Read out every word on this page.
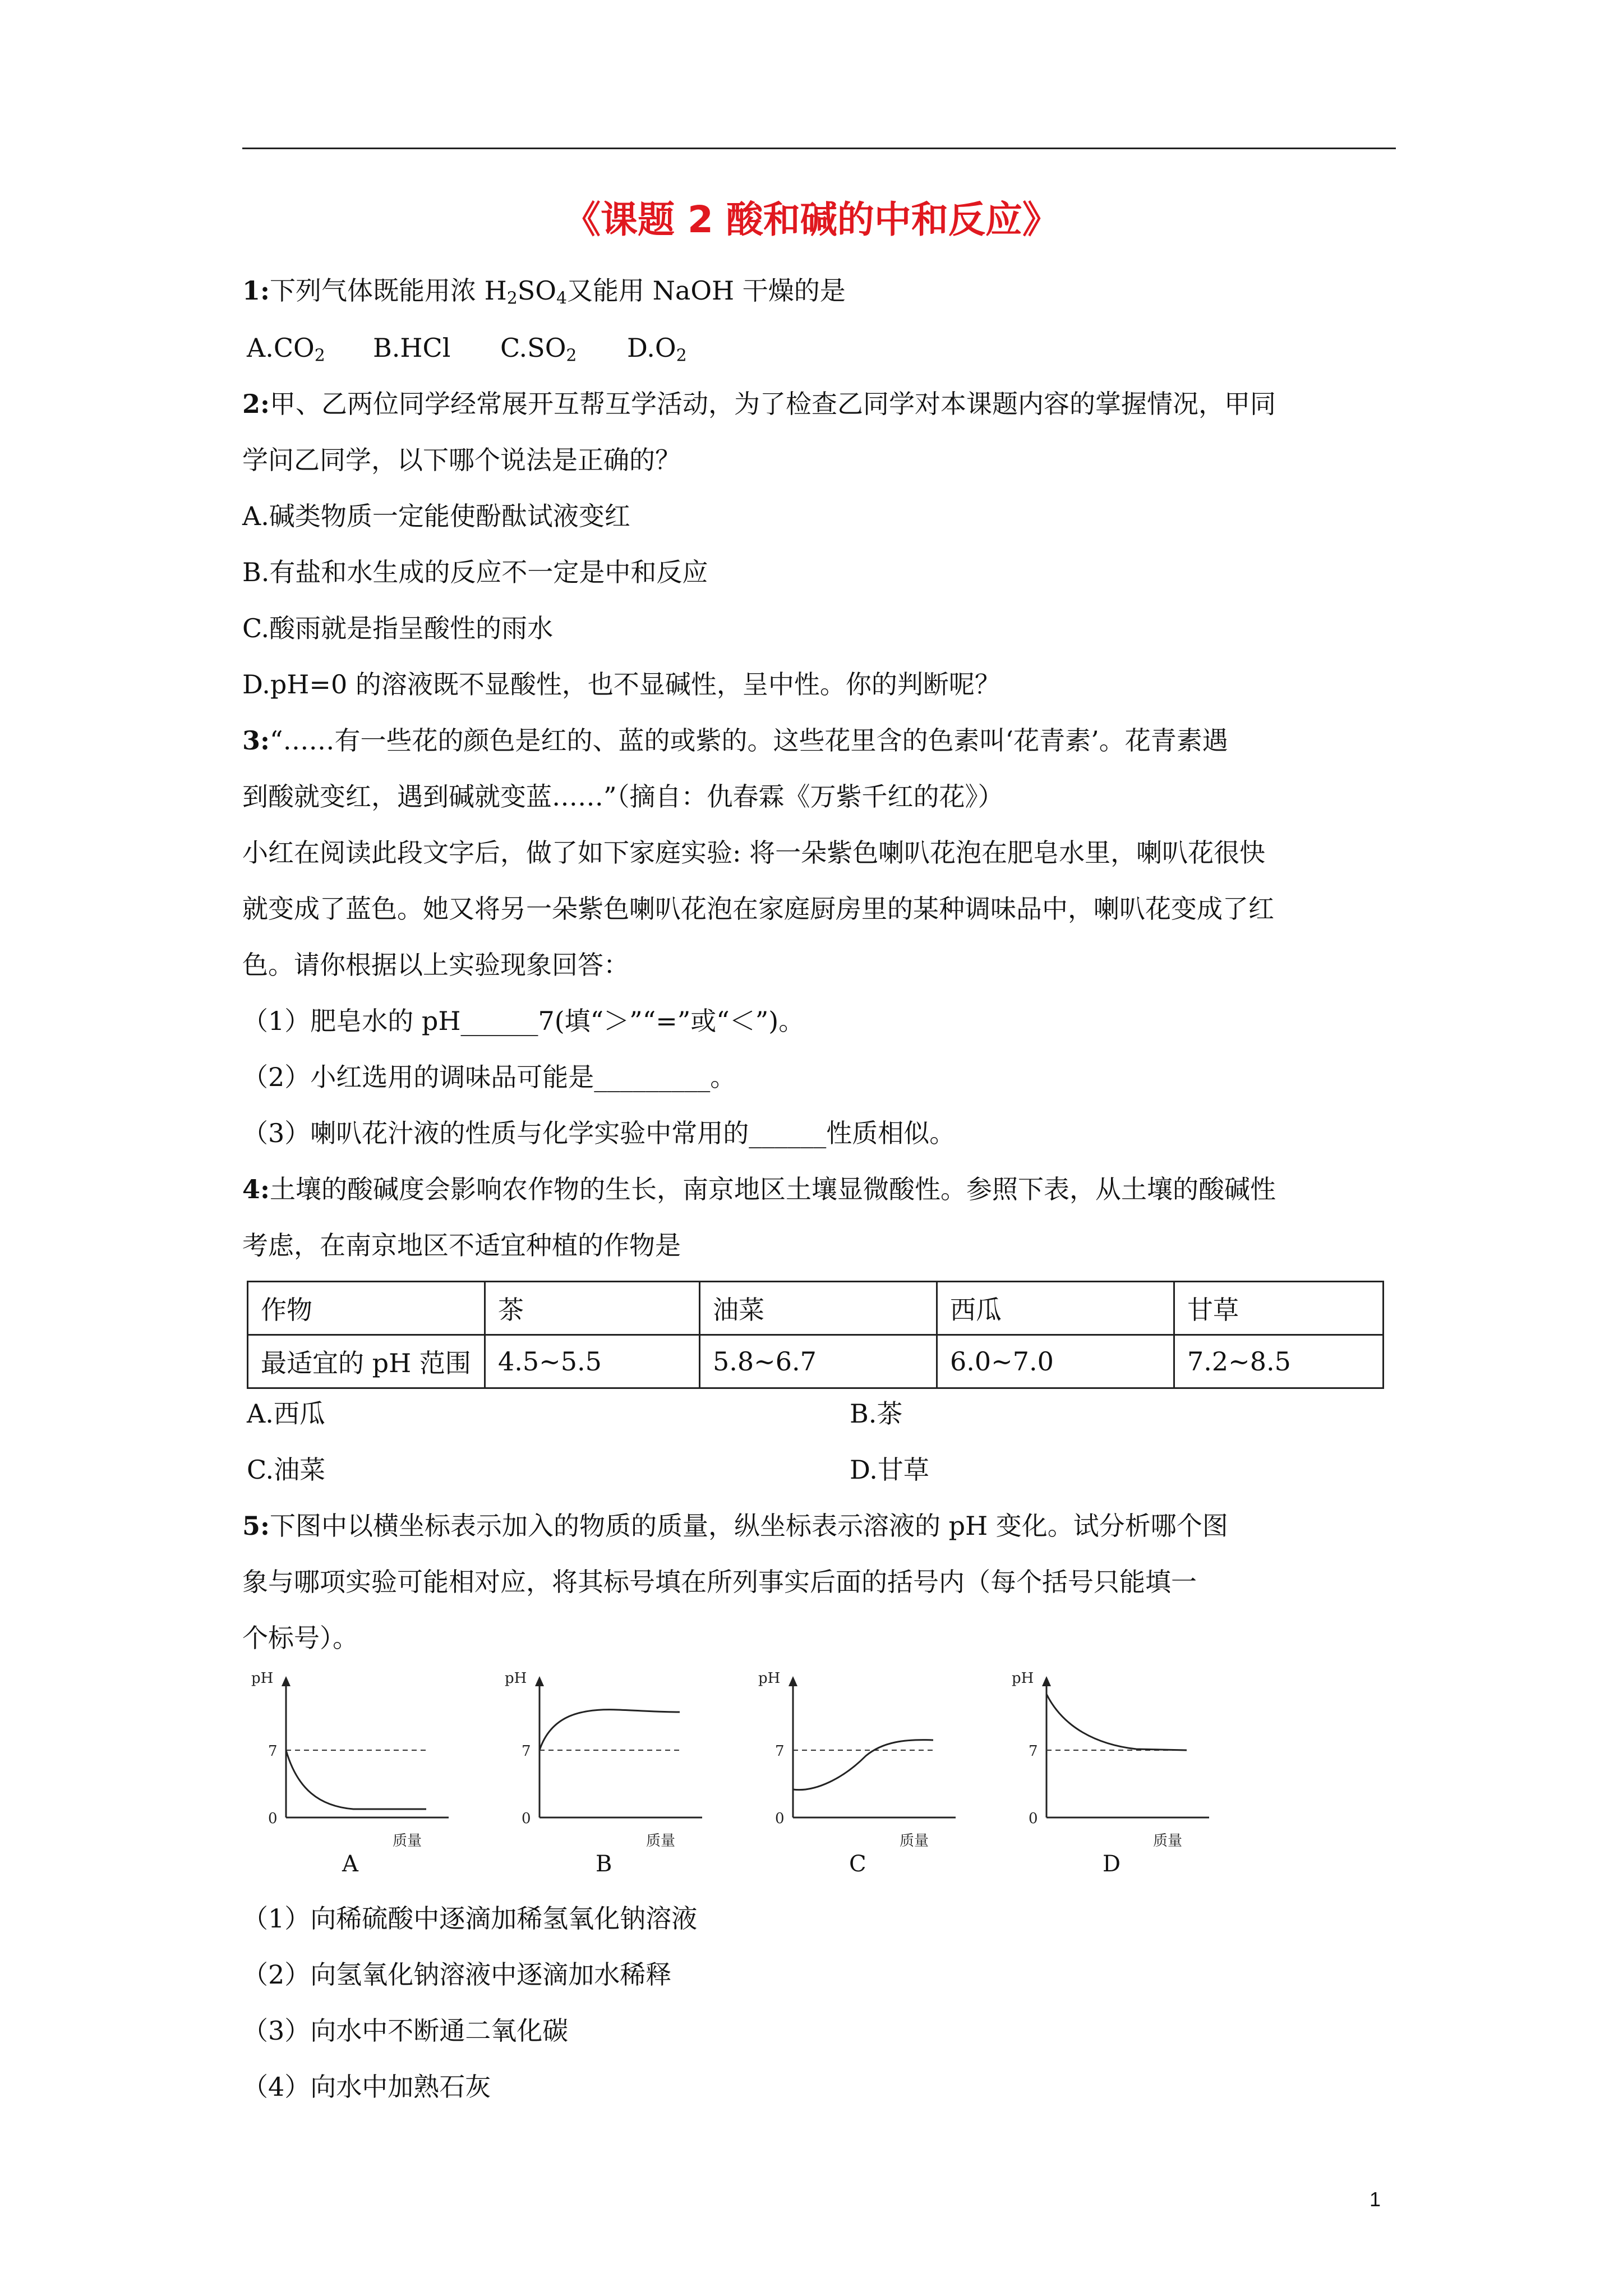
《课题 2 酸和碱的中和反应》
1:下列气体既能用浓 $H_2SO_4$又能用 NaOH 干燥的是
$A.CO_2$ B.HCl $C.SO_2$ $D.O_2$
2:甲、乙两位同学经常展开互帮互学活动，为了检查乙同学对本课题内容的掌握情况，甲同
学问乙同学，以下哪个说法是正确的？
A.碱类物质一定能使酚酞试液变红
B.有盐和水生成的反应不一定是中和反应
C.酸雨就是指呈酸性的雨水
D.pH=0 的溶液既不显酸性，也不显碱性，呈中性。你的判断呢？
3:“……有一些花的颜色是红的、蓝的或紫的。这些花里含的色素叫‘花青素’。花青素遇
到酸就变红，遇到碱就变蓝……”（摘自：仇春霖《万紫千红的花》）
小红在阅读此段文字后，做了如下家庭实验: 将一朵紫色喇叭花泡在肥皂水里，喇叭花很快
就变成了蓝色。她又将另一朵紫色喇叭花泡在家庭厨房里的某种调味品中，喇叭花变成了红
色。请你根据以上实验现象回答：
（1）肥皂水的 pH______7(填“＞”“=”或“＜”)。
（2）小红选用的调味品可能是_________。
（3）喇叭花汁液的性质与化学实验中常用的______性质相似。
4:土壤的酸碱度会影响农作物的生长，南京地区土壤显微酸性。参照下表，从土壤的酸碱性
考虑，在南京地区不适宜种植的作物是
作物	茶	油菜	西瓜	甘草
最适宜的 pH 范围	4.5~5.5	5.8~6.7	6.0~7.0	7.2~8.5
A.西瓜	B.茶
C.油菜	D.甘草
5:下图中以横坐标表示加入的物质的质量，纵坐标表示溶液的 pH 变化。试分析哪个图
象与哪项实验可能相对应，将其标号填在所列事实后面的括号内（每个括号只能填一
个标号）。
pH
7
0
质量
pH
7
0
质量
pH
7
0
质量
pH
7
0
质量
A	B	C	D
（1）向稀硫酸中逐滴加稀氢氧化钠溶液
（2）向氢氧化钠溶液中逐滴加水稀释
（3）向水中不断通二氧化碳
（4）向水中加熟石灰
1
